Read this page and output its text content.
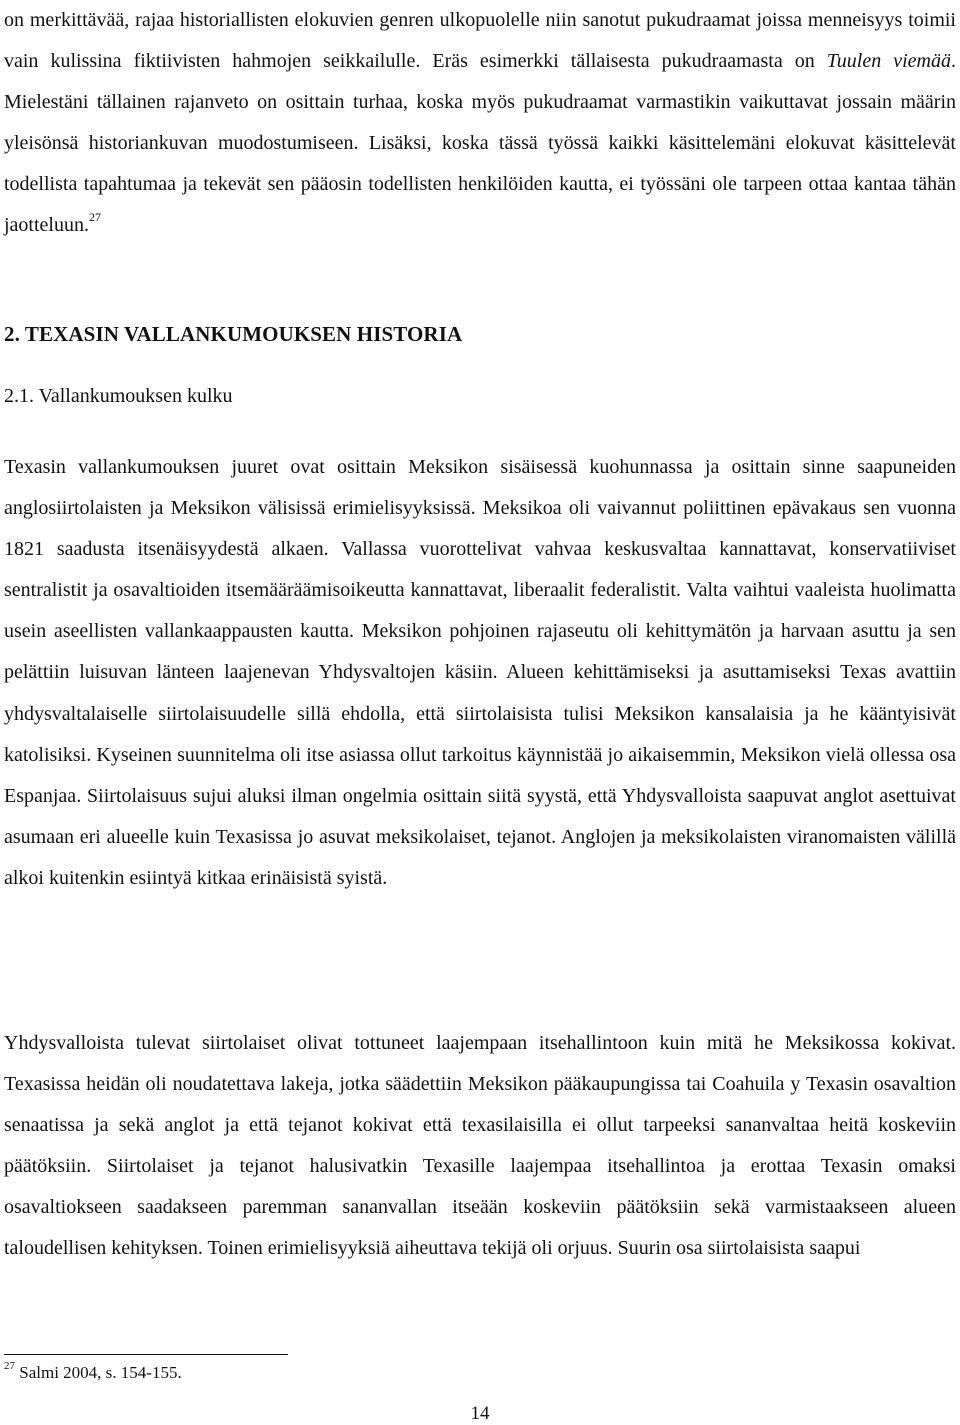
on merkittävää, rajaa historiallisten elokuvien genren ulkopuolelle niin sanotut pukudraamat joissa menneisyys toimii vain kulissina fiktiivisten hahmojen seikkailulle. Eräs esimerkki tällaisesta pukudraamasta on Tuulen viemää. Mielestäni tällainen rajanveto on osittain turhaa, koska myös pukudraamat varmastikin vaikuttavat jossain määrin yleisönsä historiankuvan muodostumiseen. Lisäksi, koska tässä työssä kaikki käsittelemäni elokuvat käsittelevät todellista tapahtumaa ja tekevät sen pääosin todellisten henkilöiden kautta, ei työssäni ole tarpeen ottaa kantaa tähän jaotteluun.$^{27}$

2. TEXASIN VALLANKUMOUKSEN HISTORIA
2.1. Vallankumouksen kulku

Texasin vallankumouksen juuret ovat osittain Meksikon sisäisessä kuohunnassa ja osittain sinne saapuneiden anglosiirtolaisten ja Meksikon välisissä erimielisyyksissä. Meksikoa oli vaivannut poliittinen epävakaus sen vuonna 1821 saadusta itsenäisyydestä alkaen. Vallassa vuorottelivat vahvaa keskusvaltaa kannattavat, konservatiiviset sentralistit ja osavaltioiden itsemääräämisoikeutta kannattavat, liberaalit federalistit. Valta vaihtui vaaleista huolimatta usein aseellisten vallankaappausten kautta. Meksikon pohjoinen rajaseutu oli kehittymätön ja harvaan asuttu ja sen pelättiin luisuvan länteen laajenevan Yhdysvaltojen käsiin. Alueen kehittämiseksi ja asuttamiseksi Texas avattiin yhdysvaltalaiselle siirtolaisuudelle sillä ehdolla, että siirtolaisista tulisi Meksikon kansalaisia ja he kääntyisivät katolisiksi. Kyseinen suunnitelma oli itse asiassa ollut tarkoitus käynnistää jo aikaisemmin, Meksikon vielä ollessa osa Espanjaa. Siirtolaisuus sujui aluksi ilman ongelmia osittain siitä syystä, että Yhdysvalloista saapuvat anglot asettuivat asumaan eri alueelle kuin Texasissa jo asuvat meksikolaiset, tejanot. Anglojen ja meksikolaisten viranomaisten välillä alkoi kuitenkin esiintyä kitkaa erinäisistä syistä.

Yhdysvalloista tulevat siirtolaiset olivat tottuneet laajempaan itsehallintoon kuin mitä he Meksikossa kokivat. Texasissa heidän oli noudatettava lakeja, jotka säädettiin Meksikon pääkaupungissa tai Coahuila y Texasin osavaltion senaatissa ja sekä anglot ja että tejanot kokivat että texasilaisilla ei ollut tarpeeksi sananvaltaa heitä koskeviin päätöksiin. Siirtolaiset ja tejanot halusivatkin Texasille laajempaa itsehallintoa ja erottaa Texasin omaksi osavaltiokseen saadakseen paremman sananvallan itseään koskeviin päätöksiin sekä varmistaakseen alueen taloudellisen kehityksen. Toinen erimielisyyksiä aiheuttava tekijä oli orjuus. Suurin osa siirtolaisista saapui

$^{27}$ Salmi 2004, s. 154-155.

14
